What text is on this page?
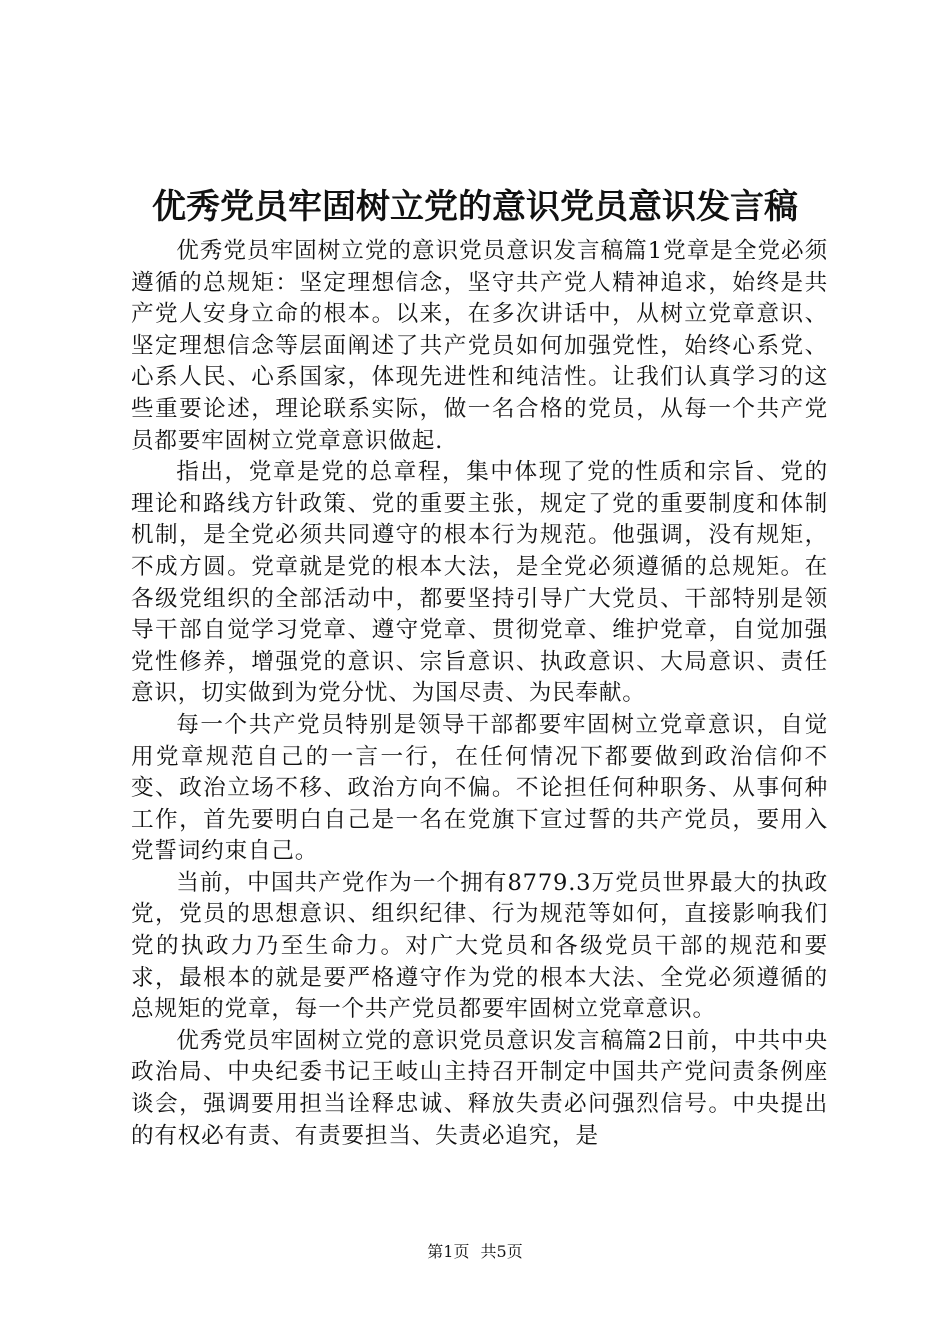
优秀党员牢固树立党的意识党员意识发言稿

优秀党员牢固树立党的意识党员意识发言稿篇1党章是全党必须遵循的总规矩：坚定理想信念，坚守共产党人精神追求，始终是共产党人安身立命的根本。以来，在多次讲话中，从树立党章意识、坚定理想信念等层面阐述了共产党员如何加强党性，始终心系党、心系人民、心系国家，体现先进性和纯洁性。让我们认真学习的这些重要论述，理论联系实际，做一名合格的党员，从每一个共产党员都要牢固树立党章意识做起.

指出，党章是党的总章程，集中体现了党的性质和宗旨、党的理论和路线方针政策、党的重要主张，规定了党的重要制度和体制机制，是全党必须共同遵守的根本行为规范。他强调，没有规矩，不成方圆。党章就是党的根本大法，是全党必须遵循的总规矩。在各级党组织的全部活动中，都要坚持引导广大党员、干部特别是领导干部自觉学习党章、遵守党章、贯彻党章、维护党章，自觉加强党性修养，增强党的意识、宗旨意识、执政意识、大局意识、责任意识，切实做到为党分忧、为国尽责、为民奉献。

每一个共产党员特别是领导干部都要牢固树立党章意识，自觉用党章规范自己的一言一行，在任何情况下都要做到政治信仰不变、政治立场不移、政治方向不偏。不论担任何种职务、从事何种工作，首先要明白自己是一名在党旗下宣过誓的共产党员，要用入党誓词约束自己。

当前，中国共产党作为一个拥有8779.3万党员世界最大的执政党，党员的思想意识、组织纪律、行为规范等如何，直接影响我们党的执政力乃至生命力。对广大党员和各级党员干部的规范和要求，最根本的就是要严格遵守作为党的根本大法、全党必须遵循的总规矩的党章，每一个共产党员都要牢固树立党章意识。

优秀党员牢固树立党的意识党员意识发言稿篇2日前，中共中央政治局、中央纪委书记王岐山主持召开制定中国共产党问责条例座谈会，强调要用担当诠释忠诚、释放失责必问强烈信号。中央提出的有权必有责、有责要担当、失责必追究，是

第1页 共5页
